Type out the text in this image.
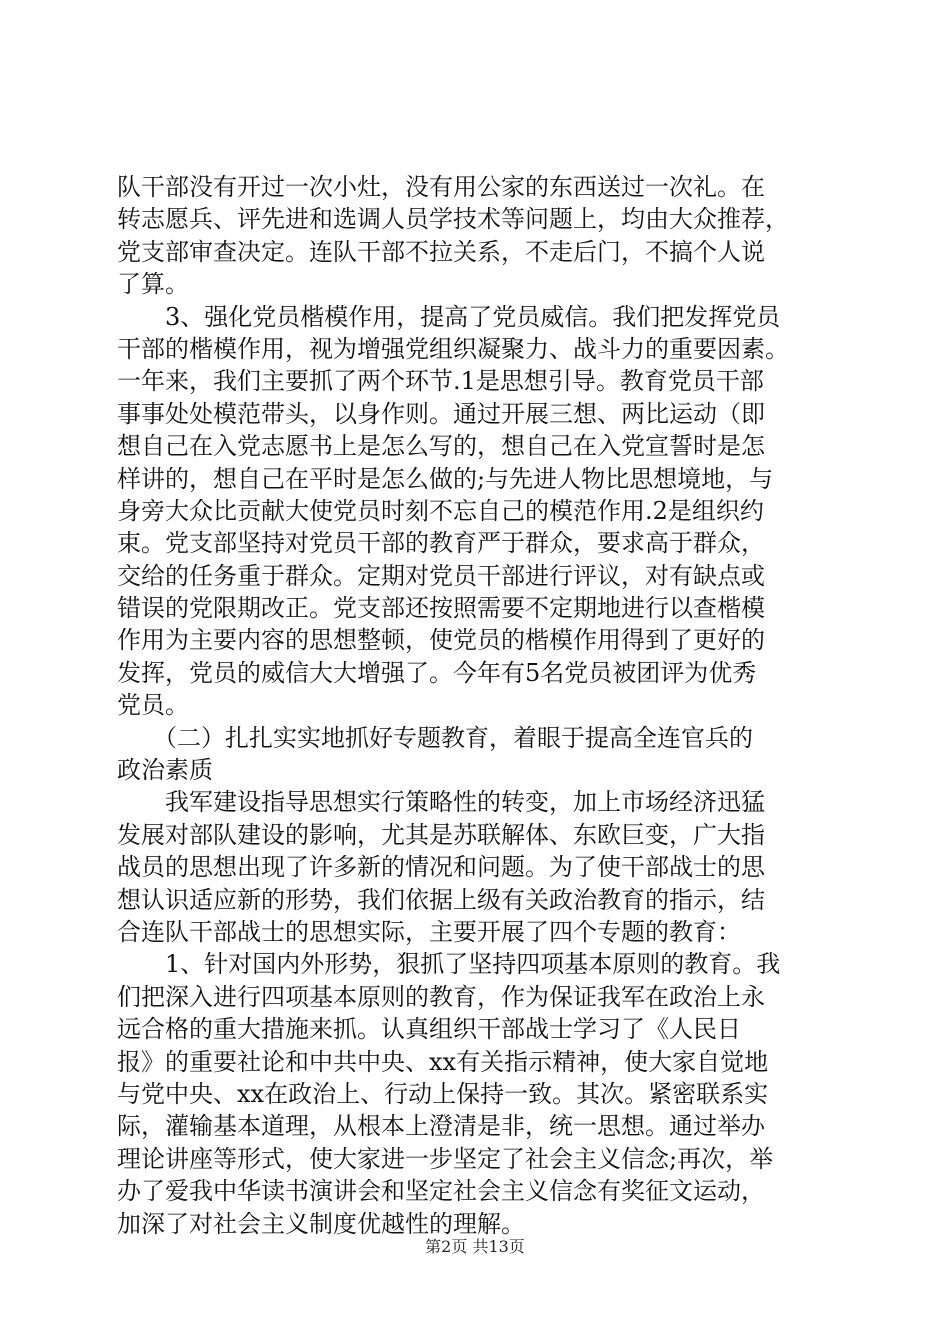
队干部没有开过一次小灶，没有用公家的东西送过一次礼。在
转志愿兵、评先进和选调人员学技术等问题上，均由大众推荐，
党支部审查决定。连队干部不拉关系，不走后门，不搞个人说
了算。
　　3、强化党员楷模作用，提高了党员威信。我们把发挥党员
干部的楷模作用，视为增强党组织凝聚力、战斗力的重要因素。
一年来，我们主要抓了两个环节.1是思想引导。教育党员干部
事事处处模范带头，以身作则。通过开展三想、两比运动（即
想自己在入党志愿书上是怎么写的，想自己在入党宣誓时是怎
样讲的，想自己在平时是怎么做的;与先进人物比思想境地，与
身旁大众比贡献大使党员时刻不忘自己的模范作用.2是组织约
束。党支部坚持对党员干部的教育严于群众，要求高于群众，
交给的任务重于群众。定期对党员干部进行评议，对有缺点或
错误的党限期改正。党支部还按照需要不定期地进行以查楷模
作用为主要内容的思想整顿，使党员的楷模作用得到了更好的
发挥，党员的威信大大增强了。今年有5名党员被团评为优秀
党员。
　　（二）扎扎实实地抓好专题教育，着眼于提高全连官兵的
政治素质
　　我军建设指导思想实行策略性的转变，加上市场经济迅猛
发展对部队建设的影响，尤其是苏联解体、东欧巨变，广大指
战员的思想出现了许多新的情况和问题。为了使干部战士的思
想认识适应新的形势，我们依据上级有关政治教育的指示，结
合连队干部战士的思想实际，主要开展了四个专题的教育：
　　1、针对国内外形势，狠抓了坚持四项基本原则的教育。我
们把深入进行四项基本原则的教育，作为保证我军在政治上永
远合格的重大措施来抓。认真组织干部战士学习了《人民日
报》的重要社论和中共中央、xx有关指示精神，使大家自觉地
与党中央、xx在政治上、行动上保持一致。其次。紧密联系实
际，灌输基本道理，从根本上澄清是非，统一思想。通过举办
理论讲座等形式，使大家进一步坚定了社会主义信念;再次，举
办了爱我中华读书演讲会和坚定社会主义信念有奖征文运动，
加深了对社会主义制度优越性的理解。
第2页 共13页
